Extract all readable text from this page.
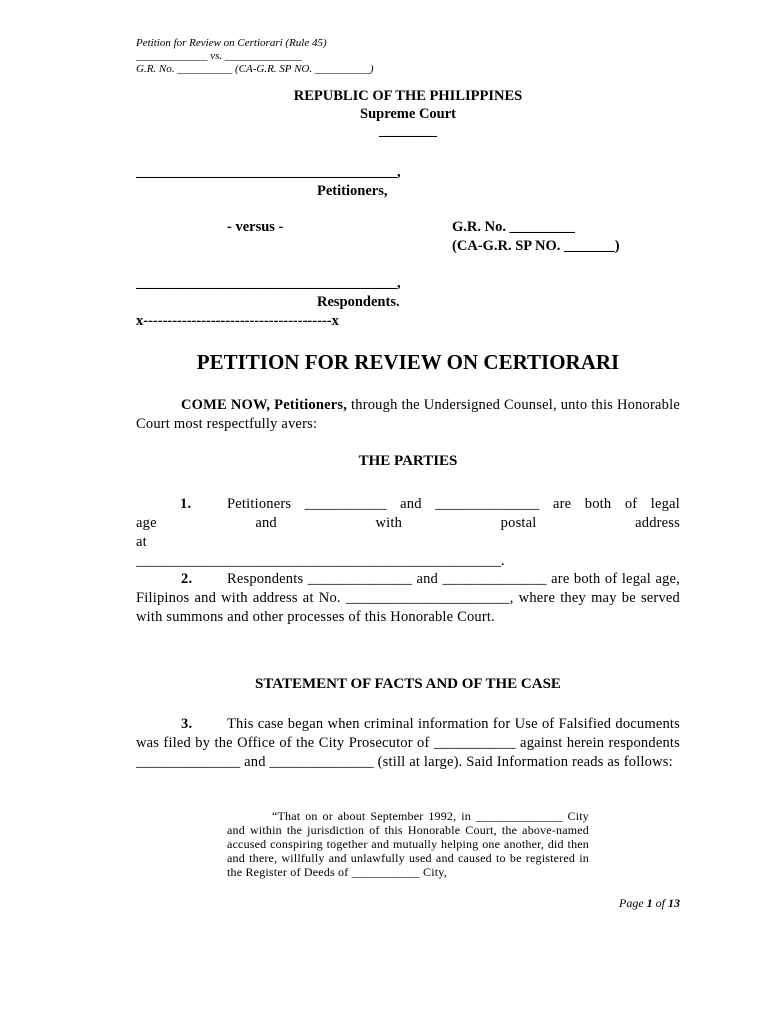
Petition for Review on Certiorari (Rule 45)
_____________ vs. ______________
G.R. No. __________ (CA-G.R. SP NO. __________)
REPUBLIC OF THE PHILIPPINES
Supreme Court
________
____________________________________,
Petitioners,
- versus -	G.R. No. _________
(CA-G.R. SP NO. _______)
____________________________________,
Respondents.
x---------------------------------------x
PETITION FOR REVIEW ON CERTIORARI
COME NOW, Petitioners, through the Undersigned Counsel, unto this Honorable Court most respectfully avers:
THE PARTIES
1. Petitioners ___________ and ______________ are both of legal
age and with postal address at
_________________________________________________.
2. Respondents ______________ and ______________ are both of legal age, Filipinos and with address at No. ______________________, where they may be served with summons and other processes of this Honorable Court.
STATEMENT OF FACTS AND OF THE CASE
3. This case began when criminal information for Use of Falsified documents was filed by the Office of the City Prosecutor of ___________ against herein respondents ______________ and ______________ (still at large). Said Information reads as follows:
“That on or about September 1992, in ______________ City and within the jurisdiction of this Honorable Court, the above-named accused conspiring together and mutually helping one another, did then and there, willfully and unlawfully used and caused to be registered in the Register of Deeds of ___________ City,
Page 1 of 13
